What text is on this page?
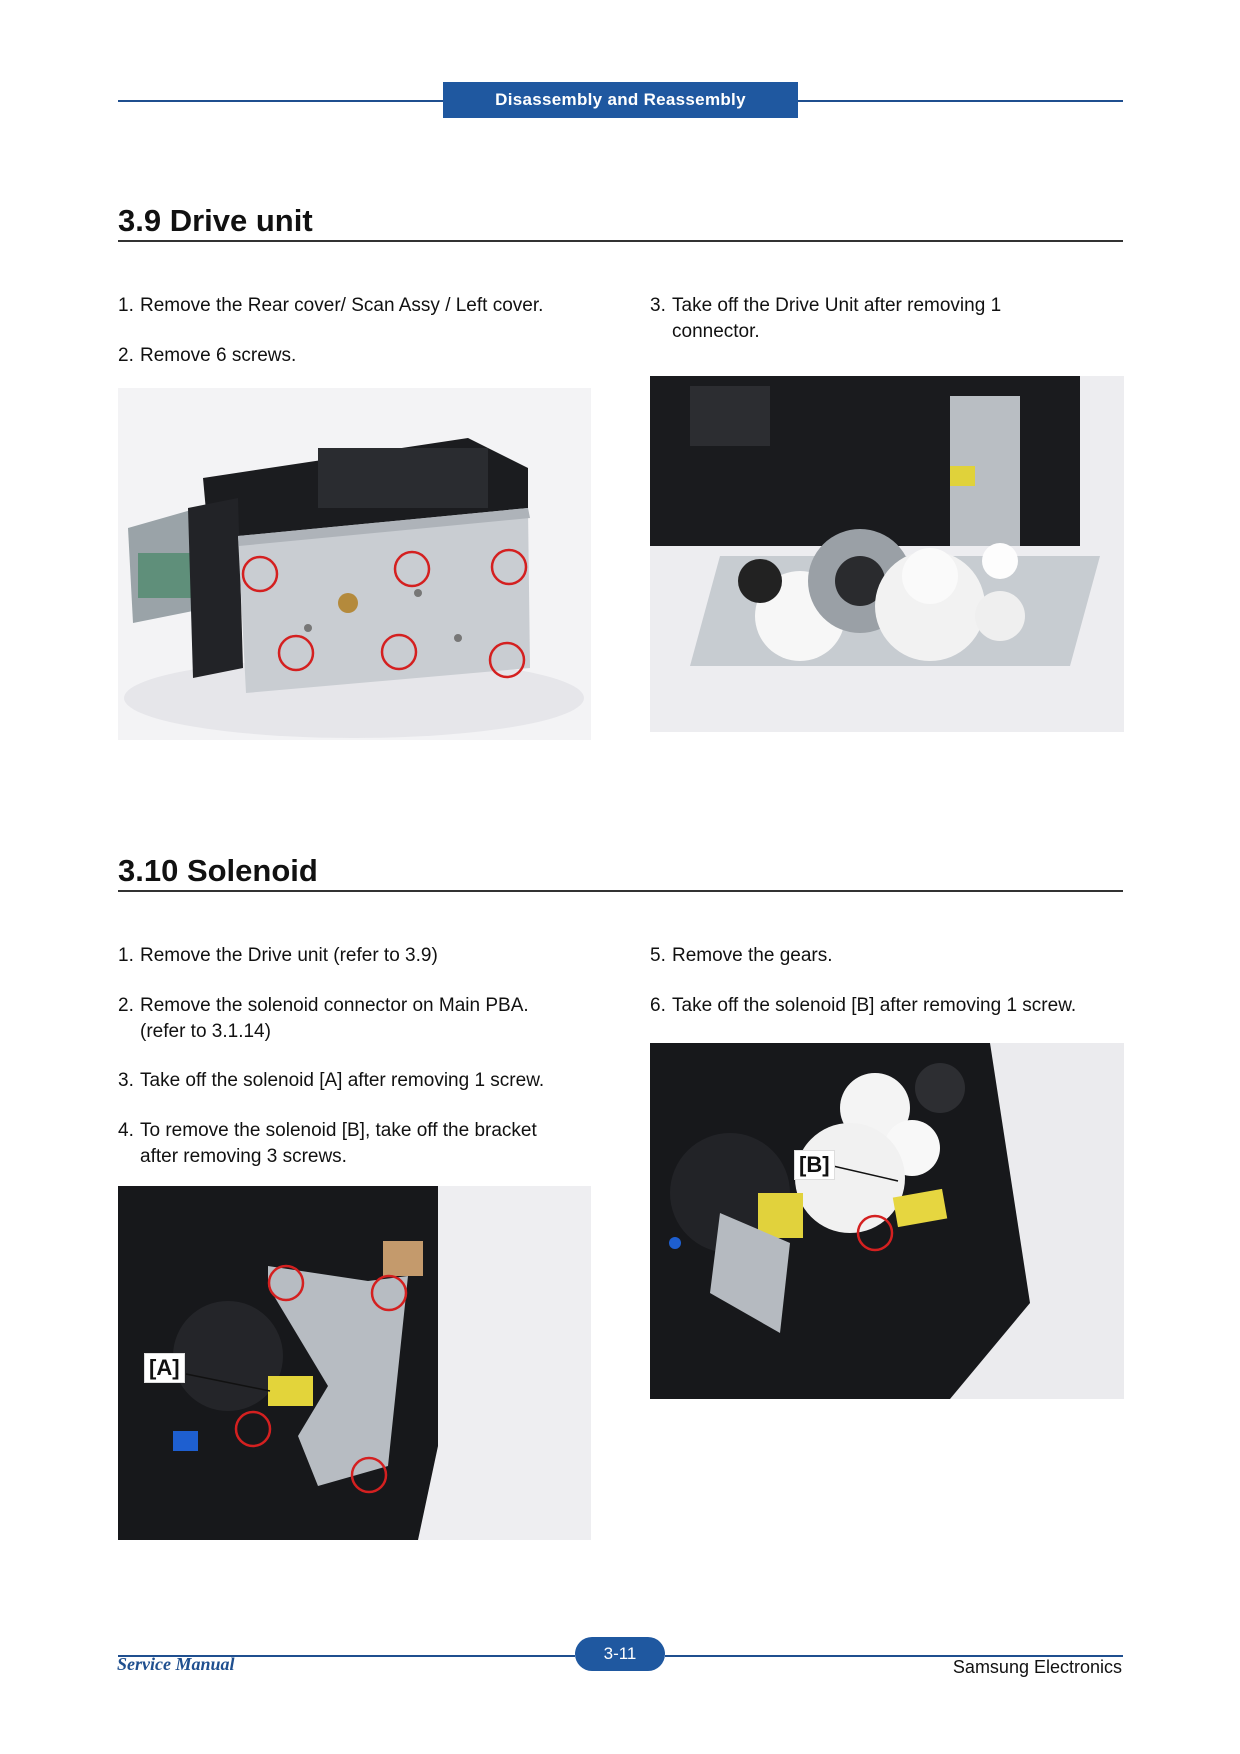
Disassembly and Reassembly
3.9 Drive unit
1. Remove the Rear cover/ Scan Assy / Left cover.
2. Remove 6 screws.
3. Take off the Drive Unit after removing 1
connector.
3.10 Solenoid
1. Remove the Drive unit (refer to 3.9)
2. Remove the solenoid connector on Main PBA.
(refer to 3.1.14)
3. Take off the solenoid [A] after removing 1 screw.
4. To remove the solenoid [B], take off the bracket
after removing 3 screws.
5. Remove the gears.
6. Take off the solenoid [B] after removing 1 screw.
[A]
[B]
3-11
Service Manual	Samsung Electronics
